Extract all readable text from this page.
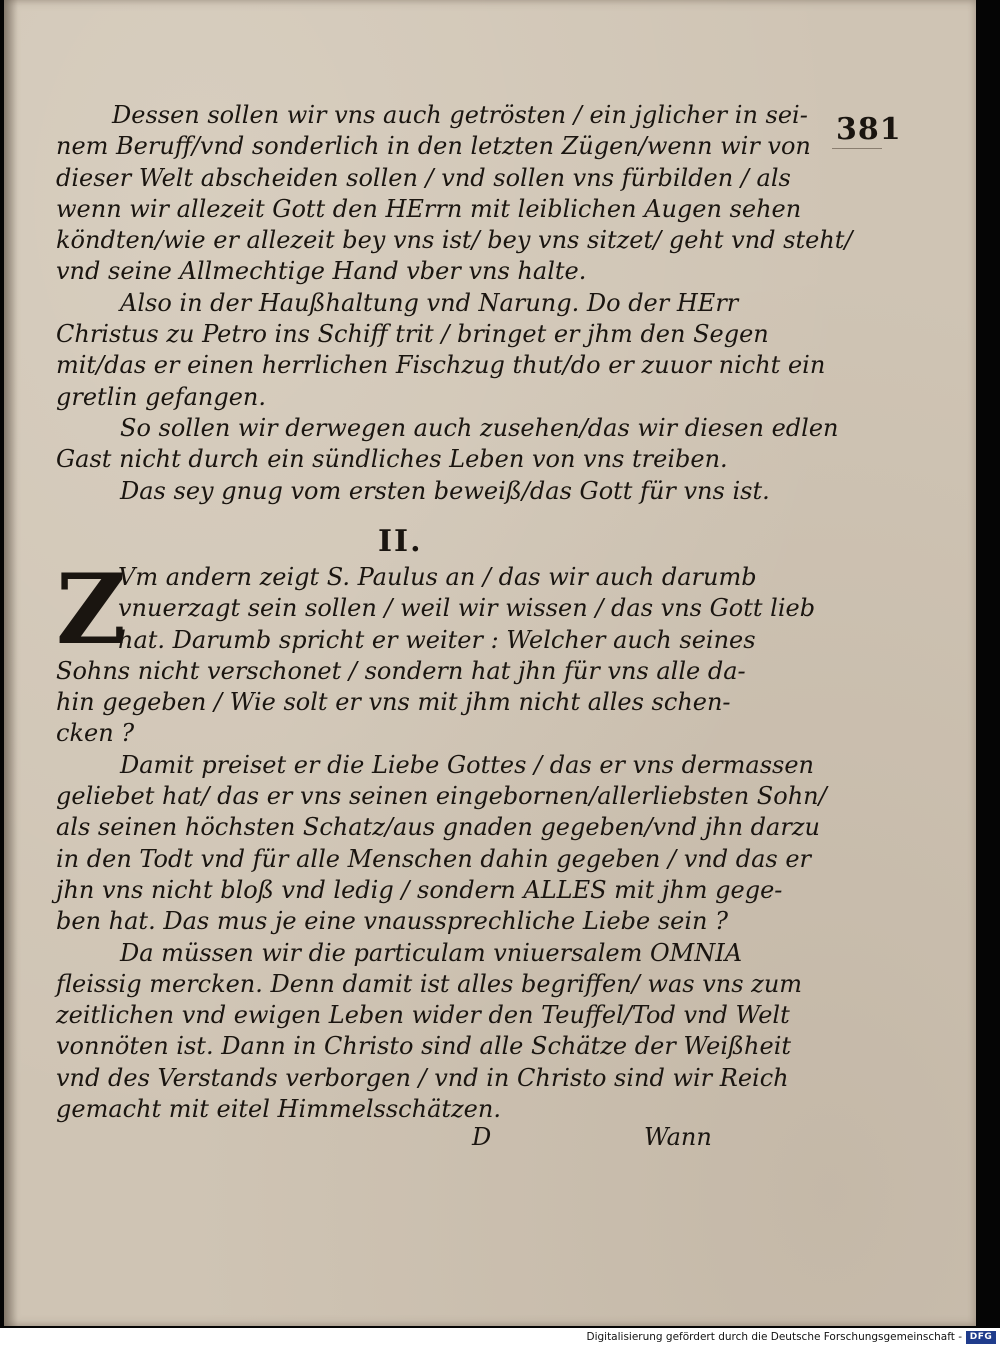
381
Dessen sollen wir vns auch getrösten / ein jglicher in sei-
nem Beruff/vnd sonderlich in den letzten Zügen/wenn wir von
dieser Welt abscheiden sollen / vnd sollen vns fürbilden / als
wenn wir allezeit Gott den HErrn mit leiblichen Augen sehen
köndten/wie er allezeit bey vns ist/ bey vns sitzet/ geht vnd steht/
vnd seine Allmechtige Hand vber vns halte.
Also in der Haußhaltung vnd Narung. Do der HErr
Christus zu Petro ins Schiff trit / bringet er jhm den Segen
mit/das er einen herrlichen Fischzug thut/do er zuuor nicht ein
gretlin gefangen.
So sollen wir derwegen auch zusehen/das wir diesen edlen
Gast nicht durch ein sündliches Leben von vns treiben.
Das sey gnug vom ersten beweiß/das Gott für vns ist.
II.
Z
Vm andern zeigt S. Paulus an / das wir auch darumb
vnuerzagt sein sollen / weil wir wissen / das vns Gott lieb
hat. Darumb spricht er weiter : Welcher auch seines
Sohns nicht verschonet / sondern hat jhn für vns alle da-
hin gegeben / Wie solt er vns mit jhm nicht alles schen-
cken ?
Damit preiset er die Liebe Gottes / das er vns dermassen
geliebet hat/ das er vns seinen eingebornen/allerliebsten Sohn/
als seinen höchsten Schatz/aus gnaden gegeben/vnd jhn darzu
in den Todt vnd für alle Menschen dahin gegeben / vnd das er
jhn vns nicht bloß vnd ledig / sondern ALLES mit jhm gege-
ben hat. Das mus je eine vnaussprechliche Liebe sein ?
Da müssen wir die particulam vniuersalem OMNIA
fleissig mercken. Denn damit ist alles begriffen/ was vns zum
zeitlichen vnd ewigen Leben wider den Teuffel/Tod vnd Welt
vonnöten ist. Dann in Christo sind alle Schätze der Weißheit
vnd des Verstands verborgen / vnd in Christo sind wir Reich
gemacht mit eitel Himmelsschätzen.
D	Wann
Digitalisierung gefördert durch die Deutsche Forschungsgemeinschaft - DFG
